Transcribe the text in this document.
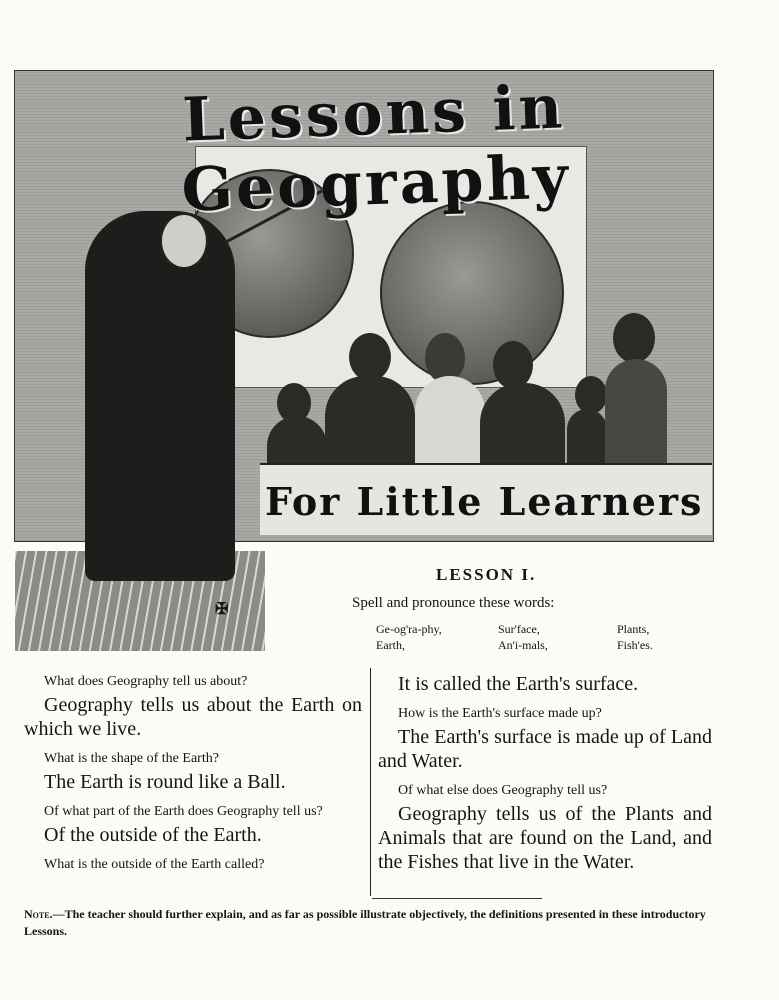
Lessons in Geography
For Little Learners
✠
LESSON I.
Spell and pronounce these words:
Ge-og'ra-phy,
Earth,
Sur'face,
An'i-mals,
Plants,
Fish'es.

What does Geography tell us about?

Geography tells us about the Earth on which we live.

What is the shape of the Earth?

The Earth is round like a Ball.

Of what part of the Earth does Geography tell us?

Of the outside of the Earth.

What is the outside of the Earth called?

It is called the Earth's surface.

How is the Earth's surface made up?

The Earth's surface is made up of Land and Water.

Of what else does Geography tell us?

Geography tells us of the Plants and Animals that are found on the Land, and the Fishes that live in the Water.

Note.—The teacher should further explain, and as far as possible illustrate objectively, the definitions presented in these introductory Lessons.
